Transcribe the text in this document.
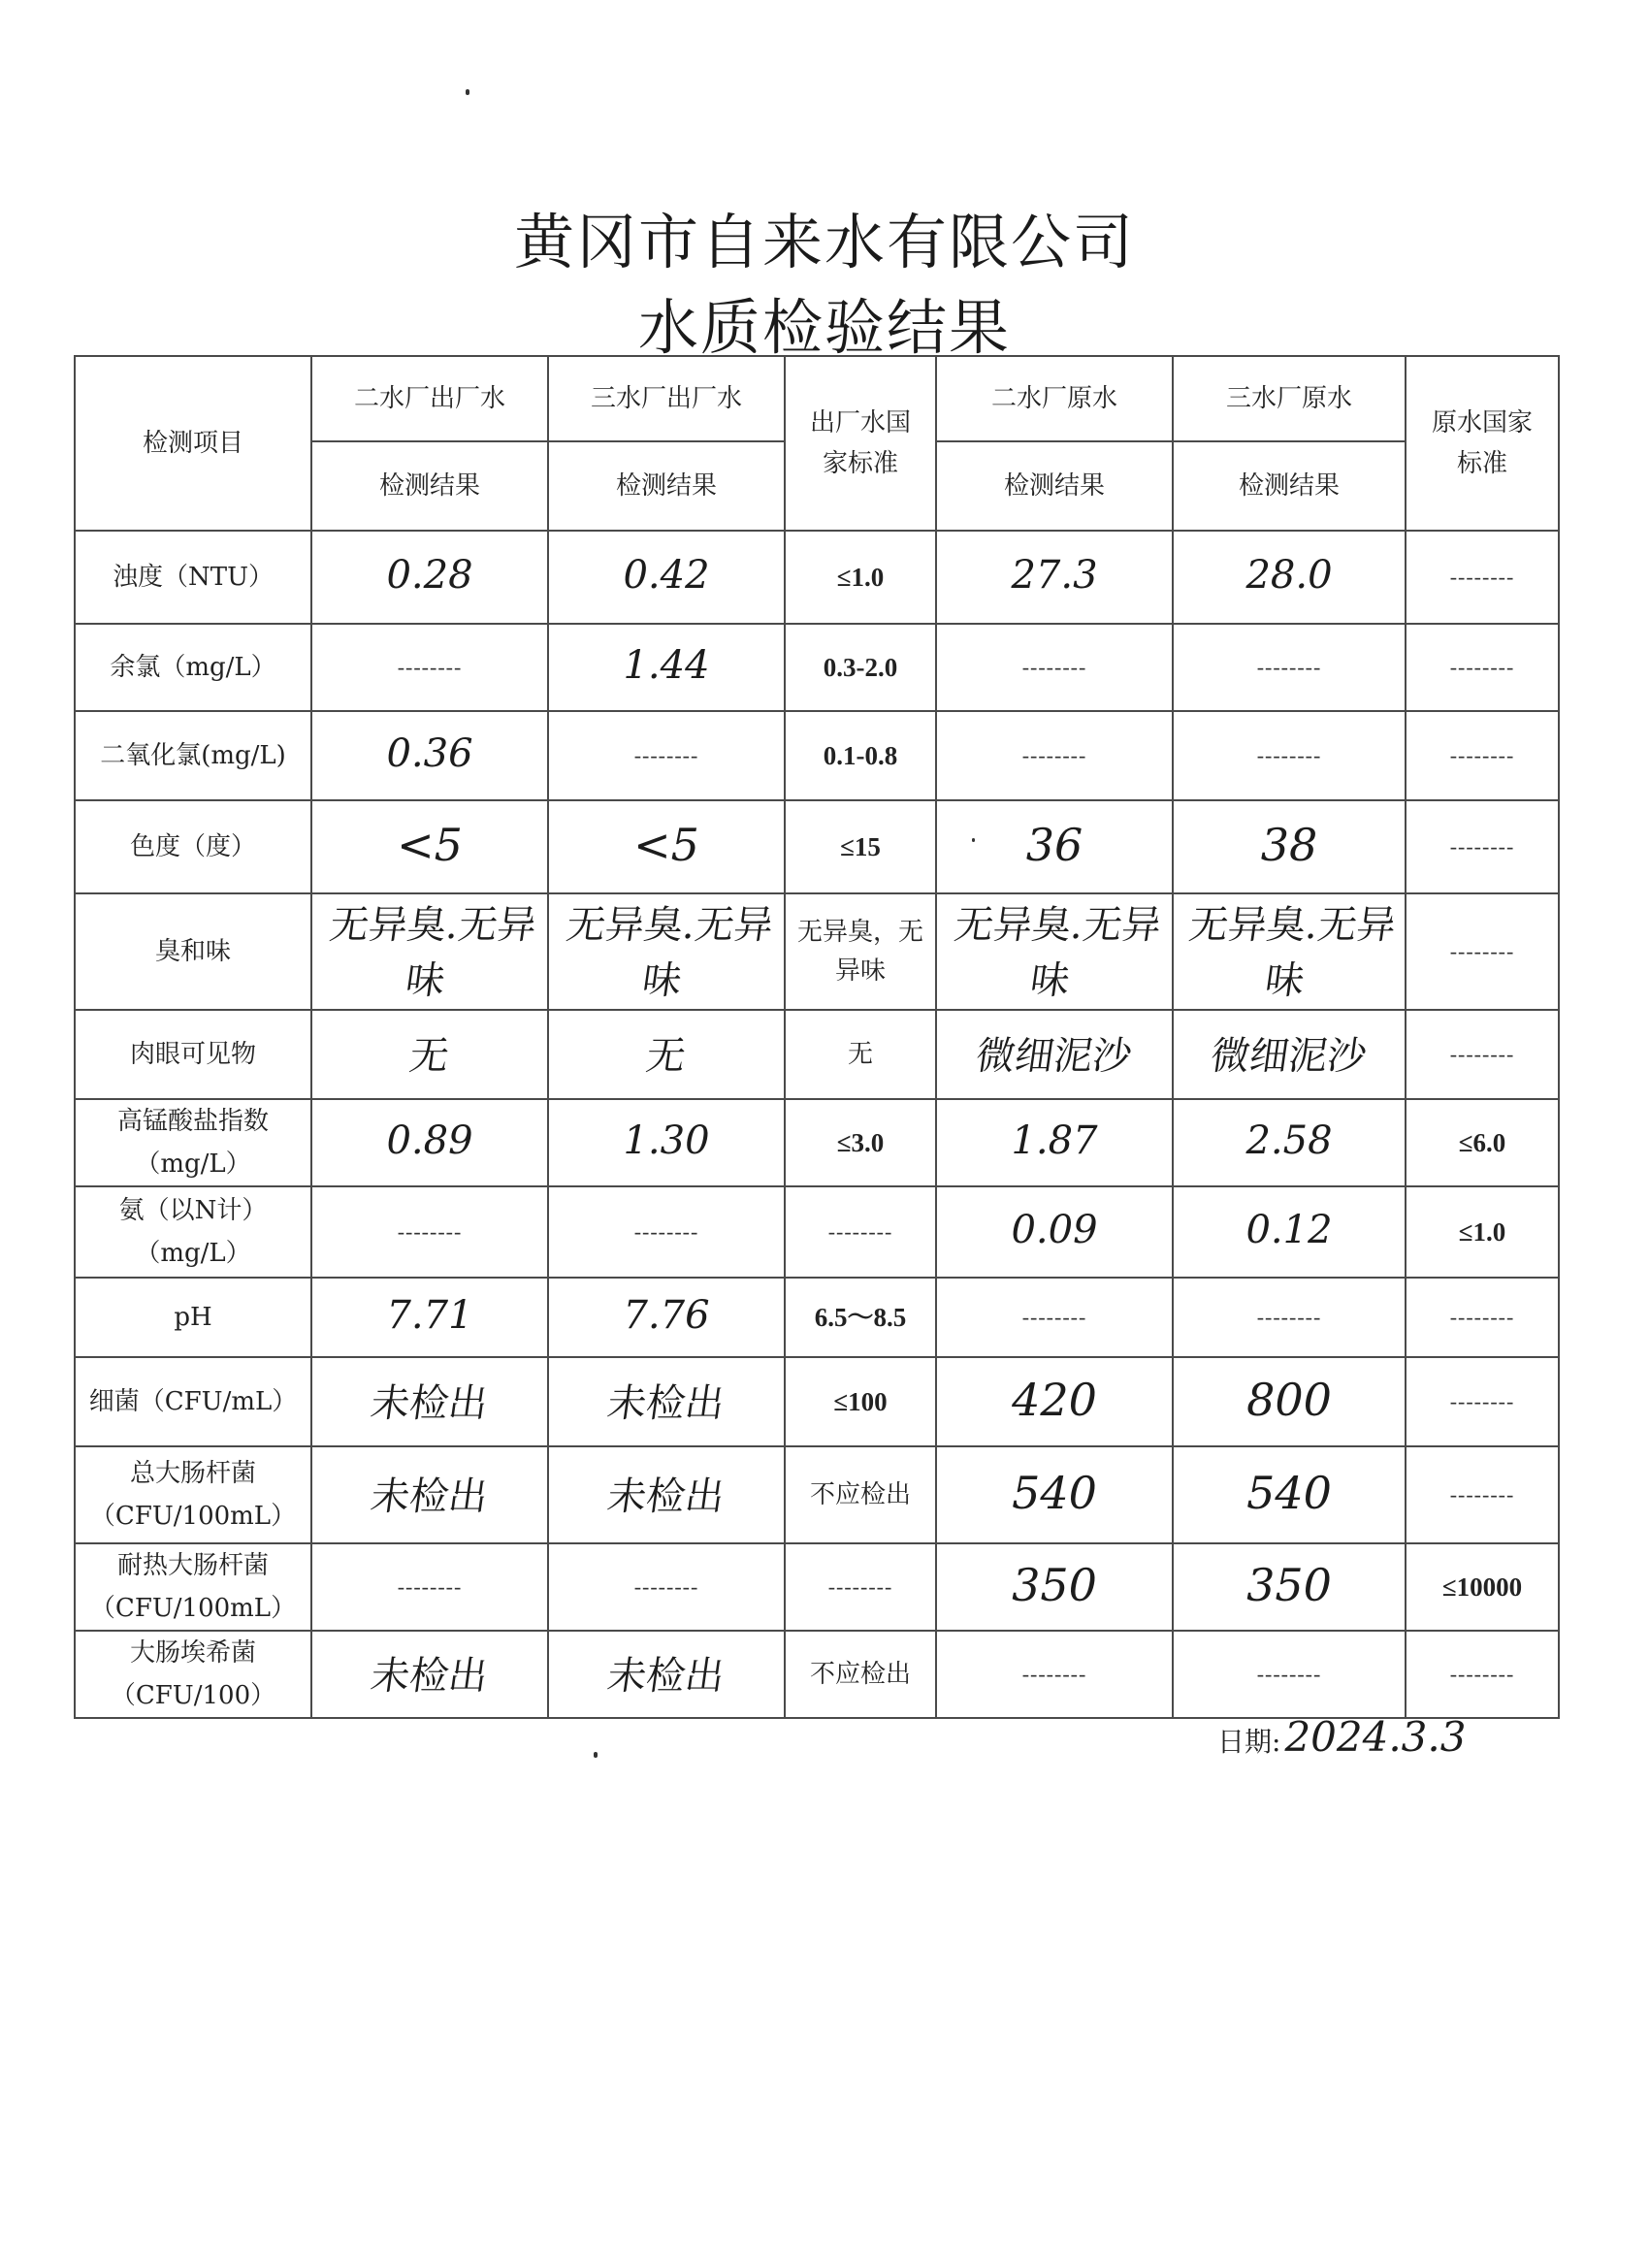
黄冈市自来水有限公司
水质检验结果
检测项目	二水厂出厂水	三水厂出厂水	出厂水国家标准	二水厂原水	三水厂原水	原水国家标准

	检测结果	检测结果		检测结果	检测结果	
浊度（NTU）	0.28	0.42	≤1.0	27.3	28.0	--------
余氯（mg/L）	--------	1.44	0.3-2.0	--------	--------	--------
二氧化氯(mg/L)	0.36	--------	0.1-0.8	--------	--------	--------
色度（度）	<5	<5	≤15	36	38	--------
臭和味	无异臭.无异味	无异臭.无异味	无异臭，无异味	无异臭.无异味	无异臭.无异味	--------
肉眼可见物	无	无	无	微细泥沙	微细泥沙	--------
高锰酸盐指数（mg/L）	0.89	1.30	≤3.0	1.87	2.58	≤6.0
氨（以N计）（mg/L）	--------	--------	--------	0.09	0.12	≤1.0
pH	7.71	7.76	6.5～8.5	--------	--------	--------
细菌（CFU/mL）	未检出	未检出	≤100	420	800	--------
总大肠杆菌（CFU/100mL）	未检出	未检出	不应检出	540	540	--------
耐热大肠杆菌（CFU/100mL）	--------	--------	--------	350	350	≤10000
大肠埃希菌（CFU/100）	未检出	未检出	不应检出	--------	--------	--------
日期:2024.3.3
